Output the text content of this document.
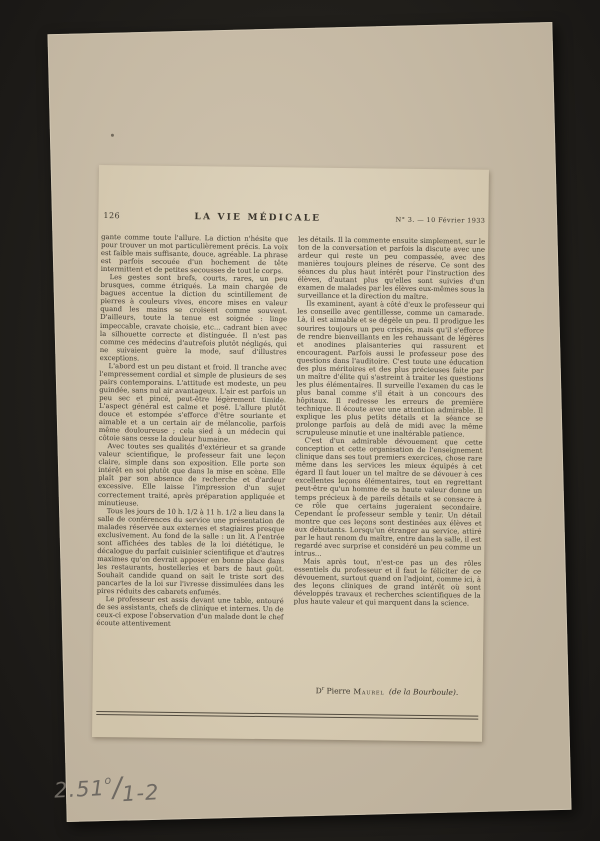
126	LA VIE MÉDICALE	N° 3. — 10 Février 1933

gante comme toute l'allure. La diction n'hésite que pour trouver un mot particulièrement précis. La voix est faible mais suffisante, douce, agréable. La phrase est parfois secouée d'un hochement de tête intermittent et de petites secousses de tout le corps.

Les gestes sont brefs, courts, rares, un peu brusques, comme étriqués. La main chargée de bagues accentue la diction du scintillement de pierres à couleurs vives, encore mises en valeur quand les mains se croisent comme souvent. D'ailleurs, toute la tenue est soignée : linge impeccable, cravate choisie, etc... cadrant bien avec la silhouette correcte et distinguée. Il n'est pas comme ces médecins d'autrefois plutôt négligés, qui ne suivaient guère la mode, sauf d'illustres exceptions.

L'abord est un peu distant et froid. Il tranche avec l'empressement cordial et simple de plusieurs de ses pairs contemporains. L'attitude est modeste, un peu guindée, sans nul air avantageux. L'air est parfois un peu sec et pincé, peut-être légèrement timide. L'aspect général est calme et posé. L'allure plutôt douce et estompée s'efforce d'être souriante et aimable et a un certain air de mélancolie, parfois même douloureuse ; cela sied à un médecin qui côtoie sans cesse la douleur humaine.

Avec toutes ses qualités d'extérieur et sa grande valeur scientifique, le professeur fait une leçon claire, simple dans son exposition. Elle porte son intérêt en soi plutôt que dans la mise en scène. Elle plaît par son absence de recherche et d'ardeur excessive. Elle laisse l'impression d'un sujet correctement traité, après préparation appliquée et minutieuse.

Tous les jours de 10 h. 1/2 à 11 h. 1/2 a lieu dans la salle de conférences du service une présentation de malades réservée aux externes et stagiaires presque exclusivement. Au fond de la salle : un lit. A l'entrée sont affichées des tables de la loi diététique, le décalogue du parfait cuisinier scientifique et d'autres maximes qu'on devrait apposer en bonne place dans les restaurants, hostelleries et bars de haut goût. Souhait candide quand on sait le triste sort des pancartes de la loi sur l'ivresse dissimulées dans les pires réduits des cabarets enfumés.

Le professeur est assis devant une table, entouré de ses assistants, chefs de clinique et internes. Un de ceux-ci expose l'observation d'un malade dont le chef écoute attentivement

les détails. Il la commente ensuite simplement, sur le ton de la conversation et parfois la discute avec une ardeur qui reste un peu compassée, avec des manières toujours pleines de réserve. Ce sont des séances du plus haut intérêt pour l'instruction des élèves, d'autant plus qu'elles sont suivies d'un examen de malades par les élèves eux-mêmes sous la surveillance et la direction du maître.

Ils examinent, ayant à côté d'eux le professeur qui les conseille avec gentillesse, comme un camarade. Là, il est aimable et se dégèle un peu. Il prodigue les sourires toujours un peu crispés, mais qu'il s'efforce de rendre bienveillants en les rehaussant de légères et anodines plaisanteries qui rassurent et encouragent. Parfois aussi le professeur pose des questions dans l'auditoire. C'est toute une éducation des plus méritoires et des plus précieuses faite par un maître d'élite qui s'astreint à traiter les questions les plus élémentaires. Il surveille l'examen du cas le plus banal comme s'il était à un concours des hôpitaux. Il redresse les erreurs de première technique. Il écoute avec une attention admirable. Il explique les plus petits détails et la séance se prolonge parfois au delà de midi avec la même scrupuleuse minutie et une inaltérable patience.

C'est d'un admirable dévouement que cette conception et cette organisation de l'enseignement clinique dans ses tout premiers exercices, chose rare même dans les services les mieux équipés à cet égard Il faut louer un tel maître de se dévouer à ces excellentes leçons élémentaires, tout en regrettant peut-être qu'un homme de sa haute valeur donne un temps précieux à de pareils détails et se consacre à ce rôle que certains jugeraient secondaire. Cependant le professeur semble y tenir. Un détail montre que ces leçons sont destinées aux élèves et aux débutants. Lorsqu'un étranger au service, attiré par le haut renom du maître, entre dans la salle, il est regardé avec surprise et considéré un peu comme un intrus...

Mais après tout, n'est-ce pas un des rôles essentiels du professeur et il faut le féliciter de ce dévouement, surtout quand on l'adjoint, comme ici, à des leçons cliniques de grand intérêt où sont développés travaux et recherches scientifiques de la plus haute valeur et qui marquent dans la science.

$D^r$ Pierre Maurel (de la Bourboule).
2.51$^o$/1-2
